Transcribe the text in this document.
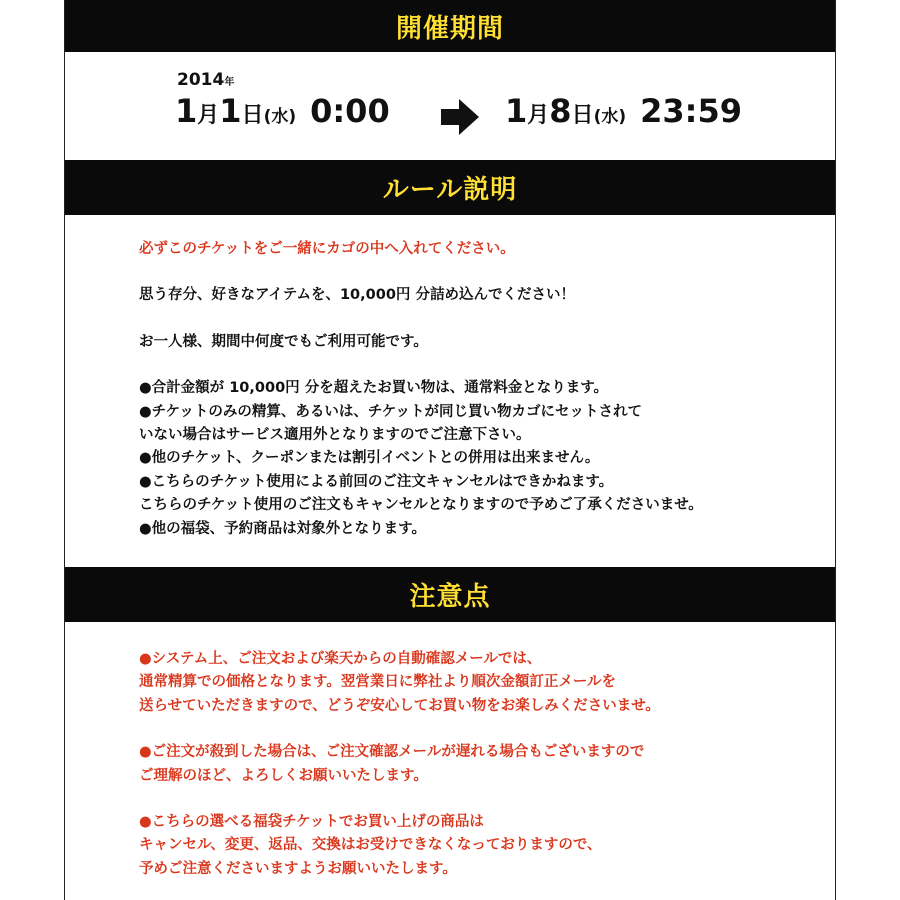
開催期間
2014年
1月1日(水) 0:00	1月8日(水) 23:59
ルール説明

必ずこのチケットをご一緒にカゴの中へ入れてください。

思う存分、好きなアイテムを、10,000円 分詰め込んでください！

お一人様、期間中何度でもご利用可能です。

●合計金額が 10,000円 分を超えたお買い物は、通常料金となります。

●チケットのみの精算、あるいは、チケットが同じ買い物カゴにセットされて

いない場合はサービス適用外となりますのでご注意下さい。

●他のチケット、クーポンまたは割引イベントとの併用は出来ません。

●こちらのチケット使用による前回のご注文キャンセルはできかねます。

こちらのチケット使用のご注文もキャンセルとなりますので予めご了承くださいませ。

●他の福袋、予約商品は対象外となります。

注意点

●システム上、ご注文および楽天からの自動確認メールでは、

通常精算での価格となります。翌営業日に弊社より順次金額訂正メールを

送らせていただきますので、どうぞ安心してお買い物をお楽しみくださいませ。

●ご注文が殺到した場合は、ご注文確認メールが遅れる場合もございますので

ご理解のほど、よろしくお願いいたします。

●こちらの選べる福袋チケットでお買い上げの商品は

キャンセル、変更、返品、交換はお受けできなくなっておりますので、

予めご注意くださいますようお願いいたします。
